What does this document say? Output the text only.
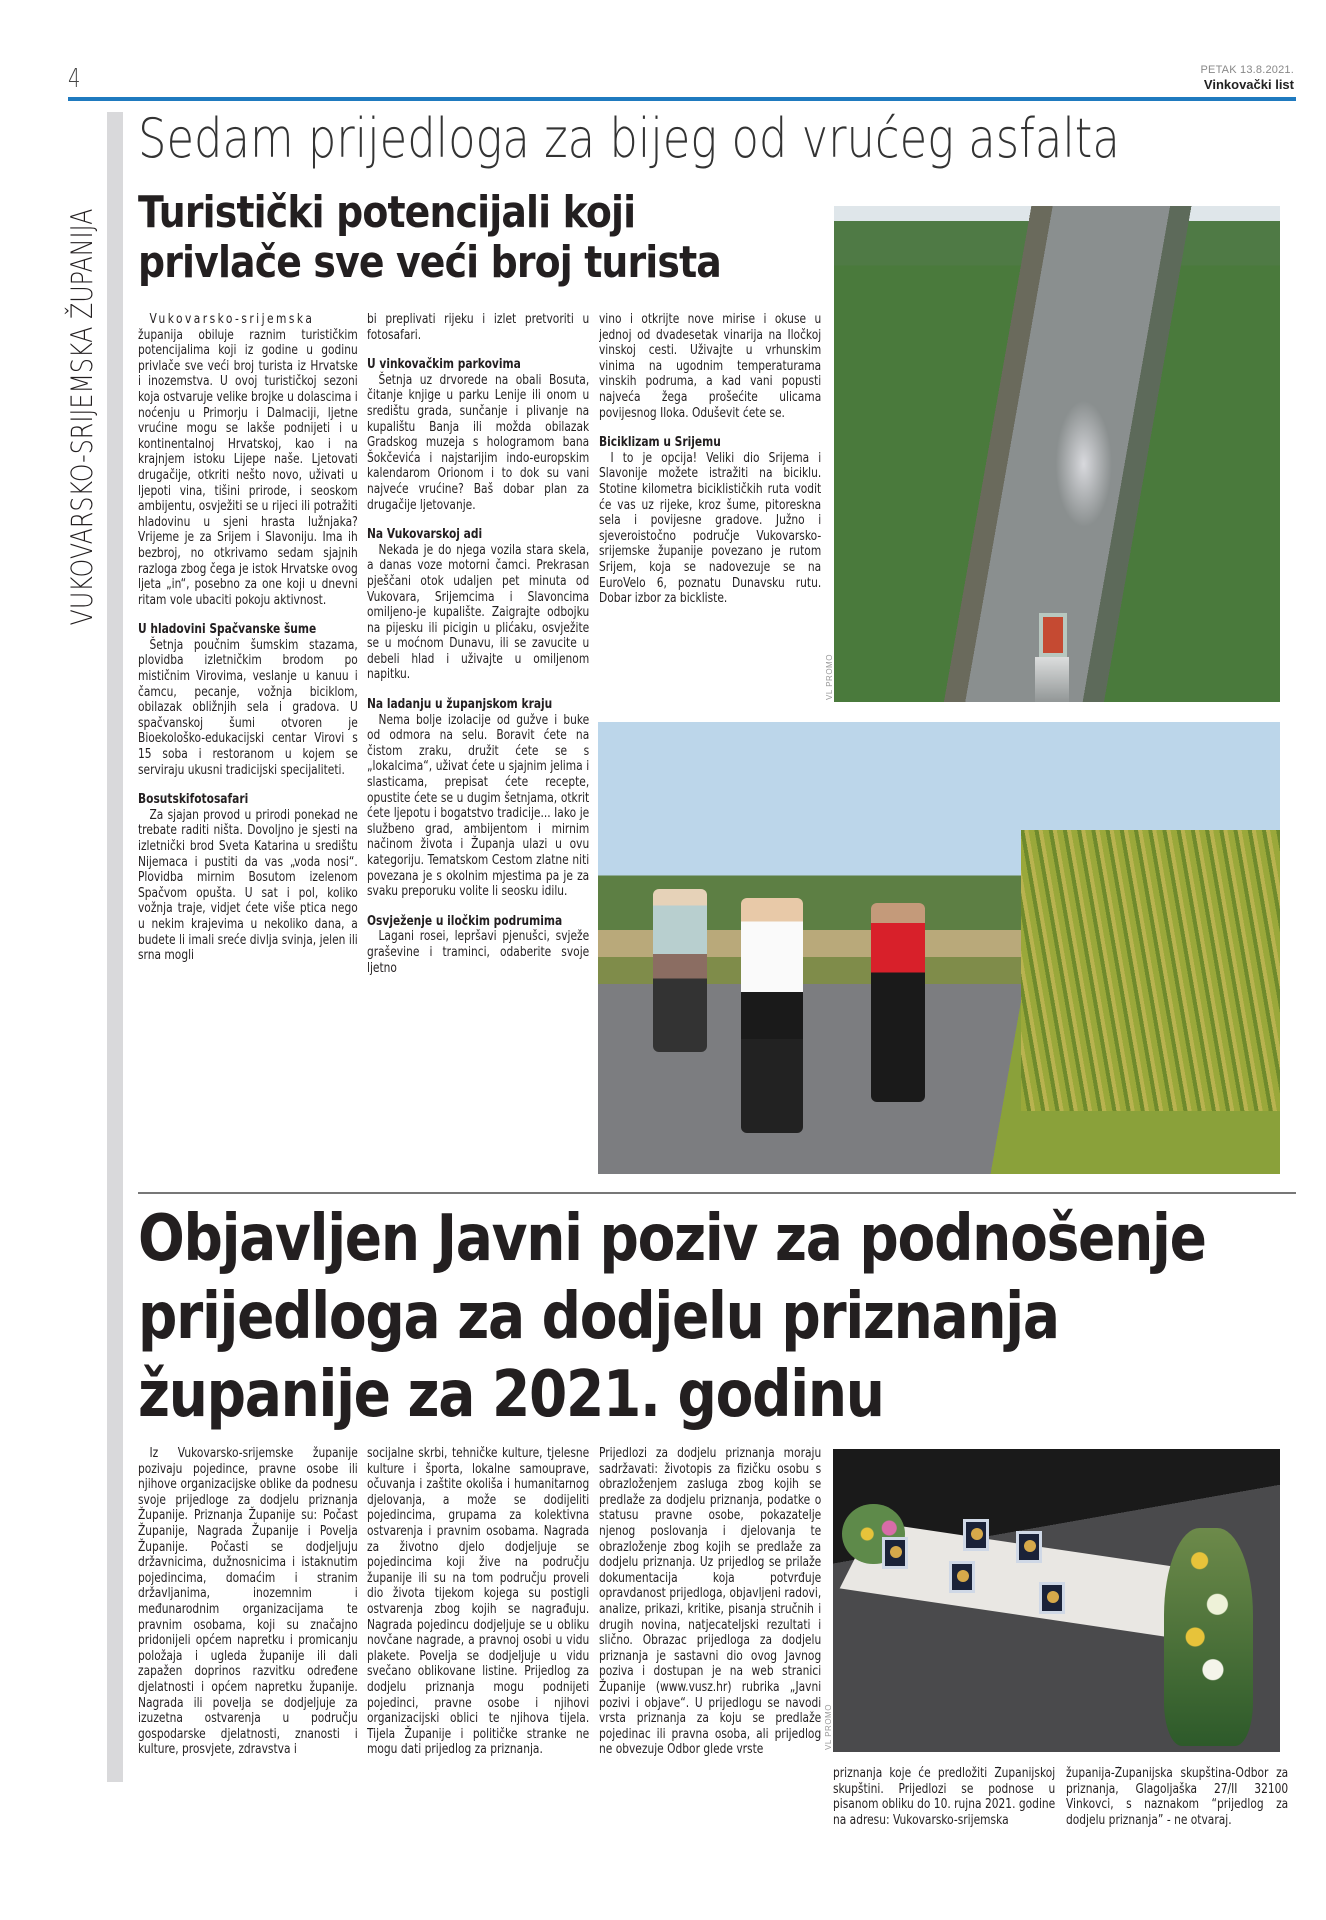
4	PETAK 13.8.2021.
Vinkovački list
VUKOVARSKO-SRIJEMSKA ŽUPANIJA
Sedam prijedloga za bijeg od vrućeg asfalta
Turistički potencijali koji privlače sve veći broj turista

Vukovarsko-srijemska županija obiluje raznim turističkim potencijalima koji iz godine u godinu privlače sve veći broj turista iz Hrvatske i inozemstva. U ovoj turističkoj sezoni koja ostvaruje velike brojke u dolascima i noćenju u Primorju i Dalmaciji, ljetne vrućine mogu se lakše podnijeti i u kontinentalnoj Hrvatskoj, kao i na krajnjem istoku Lijepe naše. Ljetovati drugačije, otkriti nešto novo, uživati u ljepoti vina, tišini prirode, i seoskom ambijentu, osvježiti se u rijeci ili potražiti hladovinu u sjeni hrasta lužnjaka? Vrijeme je za Srijem i Slavoniju. Ima ih bezbroj, no otkrivamo sedam sjajnih razloga zbog čega je istok Hrvatske ovog ljeta „in“, posebno za one koji u dnevni ritam vole ubaciti pokoju aktivnost.

U hladovini Spačvanske šume

Šetnja poučnim šumskim stazama, plovidba izletničkim brodom po mističnim Virovima, veslanje u kanuu i čamcu, pecanje, vožnja biciklom, obilazak obližnjih sela i gradova. U spačvanskoj šumi otvoren je Bioekološko-edukacijski centar Virovi s 15 soba i restoranom u kojem se serviraju ukusni tradicijski specijaliteti.

Bosutskifotosafari

Za sjajan provod u prirodi ponekad ne trebate raditi ništa. Dovoljno je sjesti na izletnički brod Sveta Katarina u središtu Nijemaca i pustiti da vas „voda nosi“. Plovidba mirnim Bosutom izelenom Spačvom opušta. U sat i pol, koliko vožnja traje, vidjet ćete više ptica nego u nekim krajevima u nekoliko dana, a budete li imali sreće divlja svinja, jelen ili srna mogli

bi preplivati rijeku i izlet pretvoriti u fotosafari.

U vinkovačkim parkovima

Šetnja uz drvorede na obali Bosuta, čitanje knjige u parku Lenije ili onom u središtu grada, sunčanje i plivanje na kupalištu Banja ili možda obilazak Gradskog muzeja s hologramom bana Šokčevića i najstarijim indo-europskim kalendarom Orionom i to dok su vani najveće vrućine? Baš dobar plan za drugačije ljetovanje.

Na Vukovarskoj adi

Nekada je do njega vozila stara skela, a danas voze motorni čamci. Prekrasan pješčani otok udaljen pet minuta od Vukovara, Srijemcima i Slavoncima omiljeno-je kupalište. Zaigrajte odbojku na pijesku ili picigin u plićaku, osvježite se u moćnom Dunavu, ili se zavucite u debeli hlad i uživajte u omiljenom napitku.

Na ladanju u županjskom kraju

Nema bolje izolacije od gužve i buke od odmora na selu. Boravit ćete na čistom zraku, družit ćete se s „lokalcima“, uživat ćete u sjajnim jelima i slasticama, prepisat ćete recepte, opustite ćete se u dugim šetnjama, otkrit ćete ljepotu i bogatstvo tradicije... Iako je službeno grad, ambijentom i mirnim načinom života i Županja ulazi u ovu kategoriju. Tematskom Cestom zlatne niti povezana je s okolnim mjestima pa je za svaku preporuku volite li seosku idilu.

Osvježenje u iločkim podrumima

Lagani rosei, lepršavi pjenušci, svježe graševine i traminci, odaberite svoje ljetno

vino i otkrijte nove mirise i okuse u jednoj od dvadesetak vinarija na Iločkoj vinskoj cesti. Uživajte u vrhunskim vinima na ugodnim temperaturama vinskih podruma, a kad vani popusti najveća žega prošećite ulicama povijesnog Iloka. Oduševit ćete se.

Biciklizam u Srijemu

I to je opcija! Veliki dio Srijema i Slavonije možete istražiti na biciklu. Stotine kilometra biciklističkih ruta vodit će vas uz rijeke, kroz šume, pitoreskna sela i povijesne gradove. Južno i sjeveroistočno područje Vukovarsko-srijemske županije povezano je rutom Srijem, koja se nadovezuje se na EuroVelo 6, poznatu Dunavsku rutu. Dobar izbor za bickliste.

VL PROMO
Objavljen Javni poziv za podnošenje prijedloga za dodjelu priznanja županije za 2021. godinu

Iz Vukovarsko-srijemske županije pozivaju pojedince, pravne osobe ili njihove organizacijske oblike da podnesu svoje prijedloge za dodjelu priznanja Županije. Priznanja Županije su: Počast Županije, Nagrada Županije i Povelja Županije. Počasti se dodjeljuju državnicima, dužnosnicima i istaknutim pojedincima, domaćim i stranim državljanima, inozemnim i međunarodnim organizacijama te pravnim osobama, koji su značajno pridonijeli općem napretku i promicanju položaja i ugleda županije ili dali zapažen doprinos razvitku određene djelatnosti i općem napretku županije. Nagrada ili povelja se dodjeljuje za izuzetna ostvarenja u području gospodarske djelatnosti, znanosti i kulture, prosvjete, zdravstva i

socijalne skrbi, tehničke kulture, tjelesne kulture i športa, lokalne samouprave, očuvanja i zaštite okoliša i humanitarnog djelovanja, a može se dodijeliti pojedincima, grupama za kolektivna ostvarenja i pravnim osobama. Nagrada za životno djelo dodjeljuje se pojedincima koji žive na području županije ili su na tom području proveli dio života tijekom kojega su postigli ostvarenja zbog kojih se nagrađuju. Nagrada pojedincu dodjeljuje se u obliku novčane nagrade, a pravnoj osobi u vidu plakete. Povelja se dodjeljuje u vidu svečano oblikovane listine. Prijedlog za dodjelu priznanja mogu podnijeti pojedinci, pravne osobe i njihovi organizacijski oblici te njihova tijela. Tijela Županije i političke stranke ne mogu dati prijedlog za priznanja.

Prijedlozi za dodjelu priznanja moraju sadržavati: životopis za fizičku osobu s obrazloženjem zasluga zbog kojih se predlaže za dodjelu priznanja, podatke o statusu pravne osobe, pokazatelje njenog poslovanja i djelovanja te obrazloženje zbog kojih se predlaže za dodjelu priznanja. Uz prijedlog se prilaže dokumentacija koja potvrđuje opravdanost prijedloga, objavljeni radovi, analize, prikazi, kritike, pisanja stručnih i drugih novina, natjecateljski rezultati i slično. Obrazac prijedloga za dodjelu priznanja je sastavni dio ovog Javnog poziva i dostupan je na web stranici Županije (www.vusz.hr) rubrika „Javni pozivi i objave“. U prijedlogu se navodi vrsta priznanja za koju se predlaže pojedinac ili pravna osoba, ali prijedlog ne obvezuje Odbor glede vrste	VL PROMO

priznanja koje će predložiti Županijskoj skupštini. Prijedlozi se podnose u pisanom obliku do 10. rujna 2021. godine na adresu: Vukovarsko-srijemska

županija-Županijska skupština-Odbor za priznanja, Glagoljaška 27/II 32100 Vinkovci, s naznakom “prijedlog za dodjelu priznanja” - ne otvaraj.
